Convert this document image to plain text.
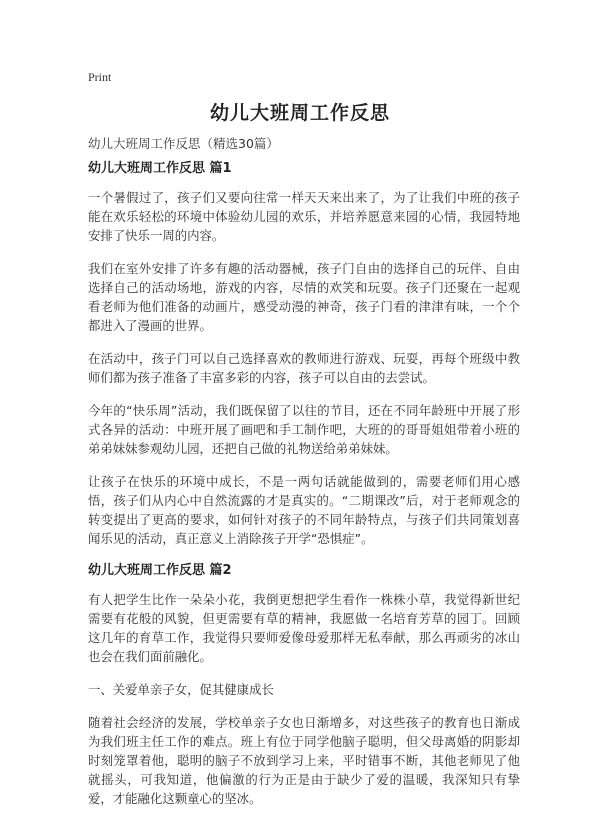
Print
幼儿大班周工作反思
幼儿大班周工作反思（精选30篇）
幼儿大班周工作反思 篇1

一个暑假过了，孩子们又要向往常一样天天来出来了，为了让我们中班的孩子能在欢乐轻松的环境中体验幼儿园的欢乐，并培养愿意来园的心情，我园特地安排了快乐一周的内容。

我们在室外安排了许多有趣的活动器械，孩子门自由的选择自己的玩伴、自由选择自己的活动场地，游戏的内容，尽情的欢笑和玩耍。孩子门还聚在一起观看老师为他们准备的动画片，感受动漫的神奇，孩子门看的津津有味，一个个都进入了漫画的世界。

在活动中，孩子门可以自己选择喜欢的教师进行游戏、玩耍，再每个班级中教师们都为孩子准备了丰富多彩的内容，孩子可以自由的去尝试。

今年的“快乐周”活动，我们既保留了以往的节目，还在不同年龄班中开展了形式各异的活动：中班开展了画吧和手工制作吧，大班的的哥哥姐姐带着小班的弟弟妹妹参观幼儿园，还把自己做的礼物送给弟弟妹妹。

让孩子在快乐的环境中成长，不是一两句话就能做到的，需要老师们用心感悟，孩子们从内心中自然流露的才是真实的。“二期课改”后，对于老师观念的转变提出了更高的要求，如何针对孩子的不同年龄特点，与孩子们共同策划喜闻乐见的活动，真正意义上消除孩子开学“恐惧症”。

幼儿大班周工作反思 篇2

有人把学生比作一朵朵小花，我倒更想把学生看作一株株小草，我觉得新世纪需要有花般的风貌，但更需要有草的精神，我愿做一名培育芳草的园丁。回顾这几年的育草工作，我觉得只要师爱像母爱那样无私奉献，那么再顽劣的冰山也会在我们面前融化。

一、关爱单亲子女，促其健康成长

随着社会经济的发展，学校单亲子女也日渐增多，对这些孩子的教育也日渐成为我们班主任工作的难点。班上有位于同学他脑子聪明，但父母离婚的阴影却时刻笼罩着他，聪明的脑子不放到学习上来，平时错事不断，其他老师见了他就摇头，可我知道，他偏激的行为正是由于缺少了爱的温暖，我深知只有挚爱，才能融化这颗童心的坚冰。
